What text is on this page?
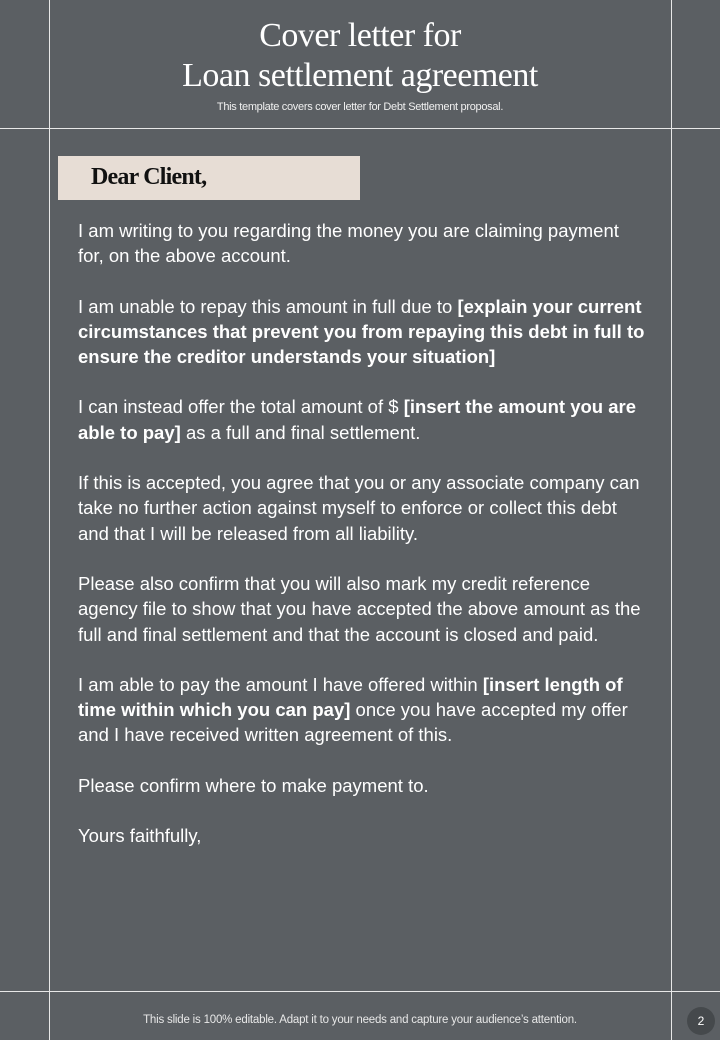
Cover letter for
Loan settlement agreement
This template covers cover letter for Debt Settlement proposal.
Dear Client,

I am writing to you regarding the money you are claiming payment for, on the above account.

I am unable to repay this amount in full due to [explain your current circumstances that prevent you from repaying this debt in full to ensure the creditor understands your situation]

I can instead offer the total amount of $ [insert the amount you are able to pay] as a full and final settlement.

If this is accepted, you agree that you or any associate company can take no further action against myself to enforce or collect this debt and that I will be released from all liability.

Please also confirm that you will also mark my credit reference agency file to show that you have accepted the above amount as the full and final settlement and that the account is closed and paid.

I am able to pay the amount I have offered within [insert length of time within which you can pay] once you have accepted my offer and I have received written agreement of this.

Please confirm where to make payment to.

Yours faithfully,

This slide is 100% editable. Adapt it to your needs and capture your audience’s attention.	2
